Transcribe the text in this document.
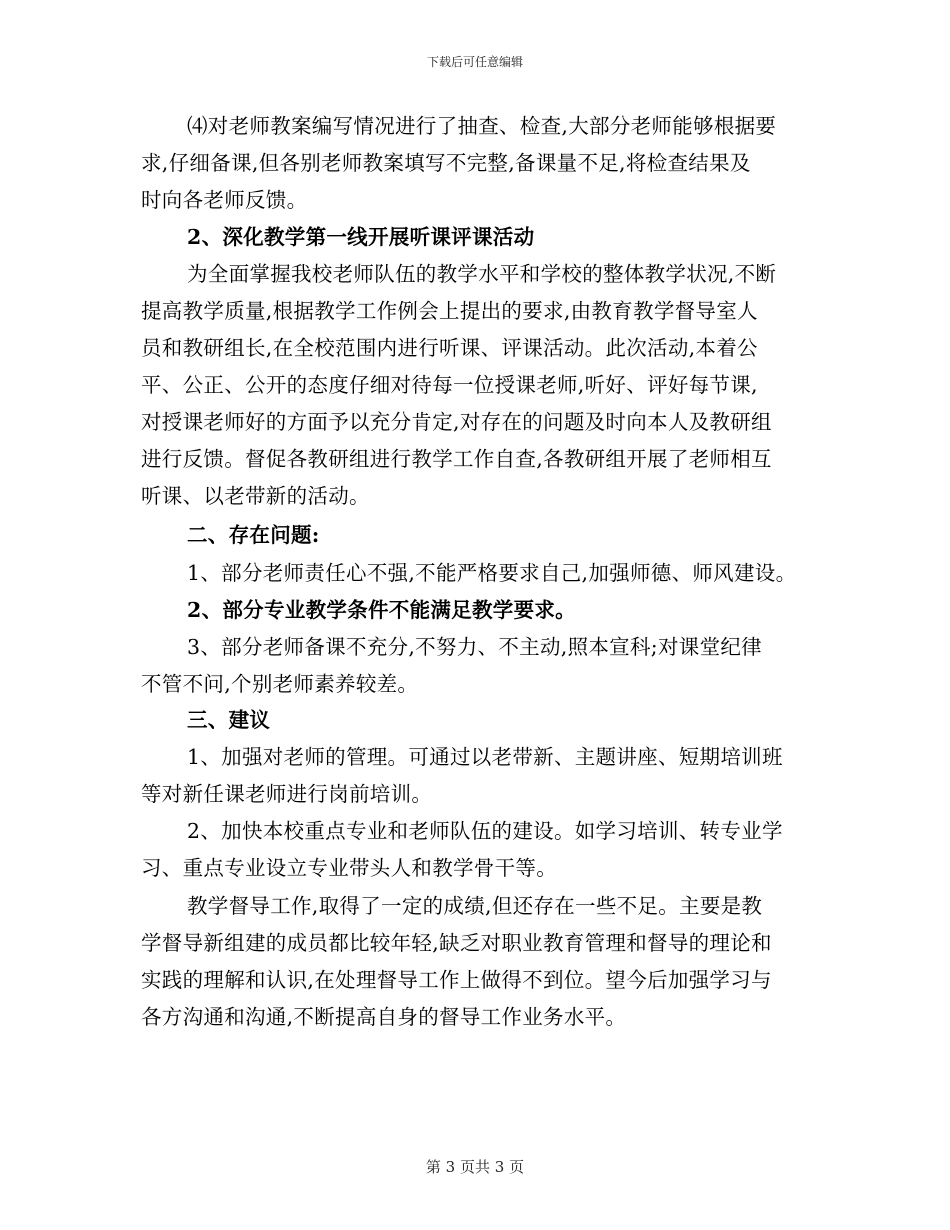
下载后可任意编辑
⑷对老师教案编写情况进行了抽查、检查,大部分老师能够根据要
求,仔细备课,但各别老师教案填写不完整,备课量不足,将检查结果及
时向各老师反馈。
2、深化教学第一线开展听课评课活动
为全面掌握我校老师队伍的教学水平和学校的整体教学状况,不断
提高教学质量,根据教学工作例会上提出的要求,由教育教学督导室人
员和教研组长,在全校范围内进行听课、评课活动。此次活动,本着公
平、公正、公开的态度仔细对待每一位授课老师,听好、评好每节课,
对授课老师好的方面予以充分肯定,对存在的问题及时向本人及教研组
进行反馈。督促各教研组进行教学工作自查,各教研组开展了老师相互
听课、以老带新的活动。
二、存在问题:
1、部分老师责任心不强,不能严格要求自己,加强师德、师风建设。
2、部分专业教学条件不能满足教学要求。
3、部分老师备课不充分,不努力、不主动,照本宣科;对课堂纪律
不管不问,个别老师素养较差。
三、建议
1、加强对老师的管理。可通过以老带新、主题讲座、短期培训班
等对新任课老师进行岗前培训。
2、加快本校重点专业和老师队伍的建设。如学习培训、转专业学
习、重点专业设立专业带头人和教学骨干等。
教学督导工作,取得了一定的成绩,但还存在一些不足。主要是教
学督导新组建的成员都比较年轻,缺乏对职业教育管理和督导的理论和
实践的理解和认识,在处理督导工作上做得不到位。望今后加强学习与
各方沟通和沟通,不断提高自身的督导工作业务水平。
第 3 页共 3 页
